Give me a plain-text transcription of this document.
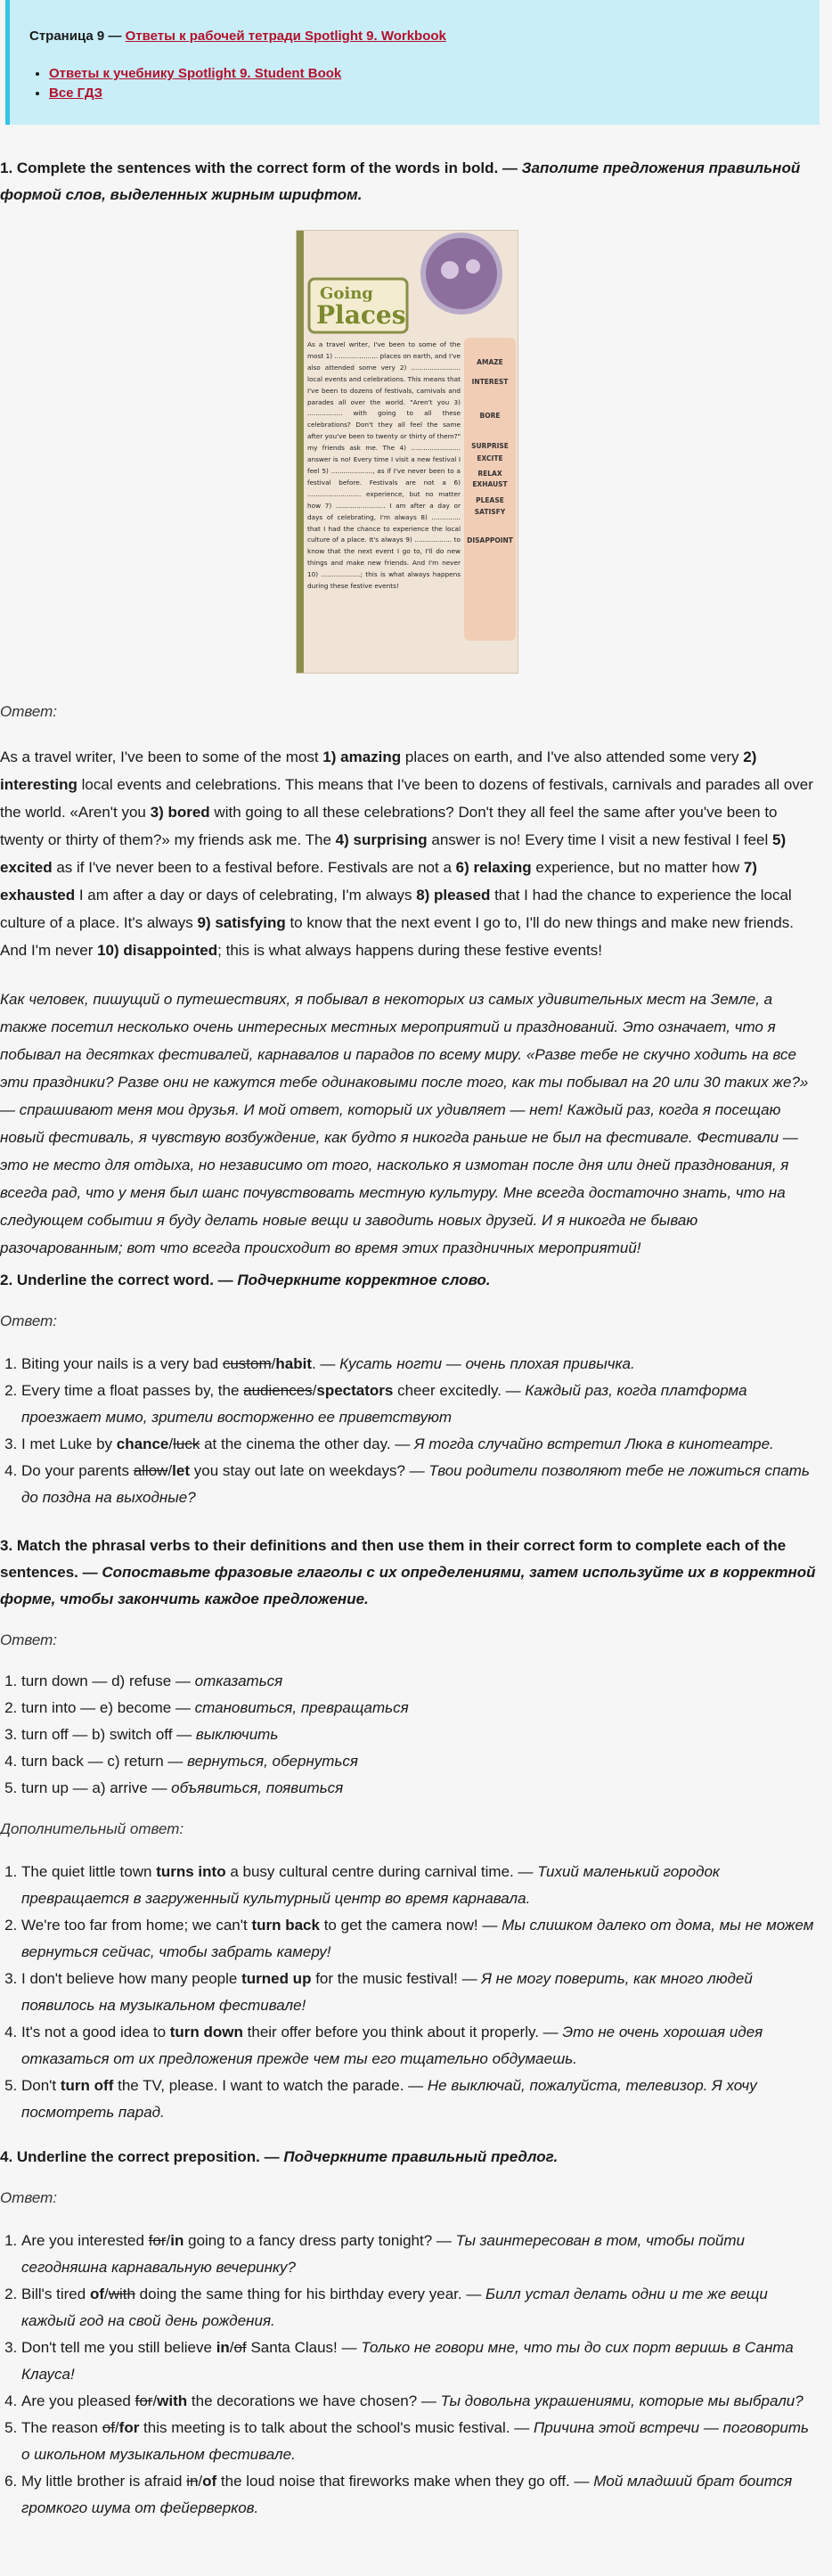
Страница 9 — Ответы к рабочей тетради Spotlight 9. Workbook
• Ответы к учебнику Spotlight 9. Student Book
• Все ГДЗ
1. Complete the sentences with the correct form of the words in bold. — Заполите предложения правильной формой слов, выделенных жирным шрифтом.
Going
Places
AMAZE
INTEREST
BORE
SURPRISE
EXCITE
RELAX
EXHAUST
PLEASE
SATISFY
DISAPPOINT
As a travel writer, I've been to some of the most 1) ..................... places on earth, and I've also attended some very 2) ........................ local events and celebrations. This means that I've been to dozens of festivals, carnivals and parades all over the world. "Aren't you 3) ................. with going to all these celebrations? Don't they all feel the same after you've been to twenty or thirty of them?" my friends ask me. The 4) ........................ answer is no! Every time I visit a new festival I feel 5) ...................., as if I've never been to a festival before. Festivals are not a 6) .......................... experience, but no matter how 7) ........................ I am after a day or days of celebrating, I'm always 8) .............. that I had the chance to experience the local culture of a place. It's always 9) .................. to know that the next event I go to, I'll do new things and make new friends. And I'm never 10) ...................; this is what always happens during these festive events!
Ответ:

As a travel writer, I've been to some of the most 1) amazing places on earth, and I've also attended some very 2) interesting local events and celebrations. This means that I've been to dozens of festivals, carnivals and parades all over the world. «Aren't you 3) bored with going to all these celebrations? Don't they all feel the same after you've been to twenty or thirty of them?» my friends ask me. The 4) surprising answer is no! Every time I visit a new festival I feel 5) excited as if I've never been to a festival before. Festivals are not a 6) relaxing experience, but no matter how 7) exhausted I am after a day or days of celebrating, I'm always 8) pleased that I had the chance to experience the local culture of a place. It's always 9) satisfying to know that the next event I go to, I'll do new things and make new friends. And I'm never 10) disappointed; this is what always happens during these festive events!

Как человек, пишущий о путешествиях, я побывал в некоторых из самых удивительных мест на Земле, а также посетил несколько очень интересных местных мероприятий и празднований. Это означает, что я побывал на десятках фестивалей, карнавалов и парадов по всему миру. «Разве тебе не скучно ходить на все эти праздники? Разве они не кажутся тебе одинаковыми после того, как ты побывал на 20 или 30 таких же?» — спрашивают меня мои друзья. И мой ответ, который их удивляет — нет! Каждый раз, когда я посещаю новый фестиваль, я чувствую возбуждение, как будто я никогда раньше не был на фестивале. Фестивали — это не место для отдыха, но независимо от того, насколько я измотан после дня или дней празднования, я всегда рад, что у меня был шанс почувствовать местную культуру. Мне всегда достаточно знать, что на следующем событии я буду делать новые вещи и заводить новых друзей. И я никогда не бываю разочарованным; вот что всегда происходит во время этих праздничных мероприятий!

2. Underline the correct word. — Подчеркните корректное слово.
Ответ:
1. Biting your nails is a very bad custom/habit. — Кусать ногти — очень плохая привычка.
2. Every time a float passes by, the audiences/spectators cheer excitedly. — Каждый раз, когда платформа проезжает мимо, зрители восторженно ее приветствуют
3. I met Luke by chance/luck at the cinema the other day. — Я тогда случайно встретил Люка в кинотеатре.
4. Do your parents allow/let you stay out late on weekdays? — Твои родители позволяют тебе не ложиться спать до поздна на выходные?
3. Match the phrasal verbs to their definitions and then use them in their correct form to complete each of the sentences. — Сопоставьте фразовые глаголы с их определениями, затем используйте их в корректной форме, чтобы закончить каждое предложение.
Ответ:
1. turn down — d) refuse — отказаться
2. turn into — e) become — становиться, превращаться
3. turn off — b) switch off — выключить
4. turn back — c) return — вернуться, обернуться
5. turn up — a) arrive — объявиться, появиться
Дополнительный ответ:
1. The quiet little town turns into a busy cultural centre during carnival time. — Тихий маленький городок превращается в загруженный культурный центр во время карнавала.
2. We're too far from home; we can't turn back to get the camera now! — Мы слишком далеко от дома, мы не можем вернуться сейчас, чтобы забрать камеру!
3. I don't believe how many people turned up for the music festival! — Я не могу поверить, как много людей появилось на музыкальном фестивале!
4. It's not a good idea to turn down their offer before you think about it properly. — Это не очень хорошая идея отказаться от их предложения прежде чем ты его тщательно обдумаешь.
5. Don't turn off the TV, please. I want to watch the parade. — Не выключай, пожалуйста, телевизор. Я хочу посмотреть парад.
4. Underline the correct preposition. — Подчеркните правильный предлог.
Ответ:
1. Are you interested for/in going to a fancy dress party tonight? — Ты заинтересован в том, чтобы пойти сегодняшна карнавальную вечеринку?
2. Bill's tired of/with doing the same thing for his birthday every year. — Билл устал делать одни и те же вещи каждый год на свой день рождения.
3. Don't tell me you still believe in/of Santa Claus! — Только не говори мне, что ты до сих порт веришь в Санта Клауса!
4. Are you pleased for/with the decorations we have chosen? — Ты довольна украшениями, которые мы выбрали?
5. The reason of/for this meeting is to talk about the school's music festival. — Причина этой встречи — поговорить о школьном музыкальном фестивале.
6. My little brother is afraid in/of the loud noise that fireworks make when they go off. — Мой младший брат боится громкого шума от фейерверков.
